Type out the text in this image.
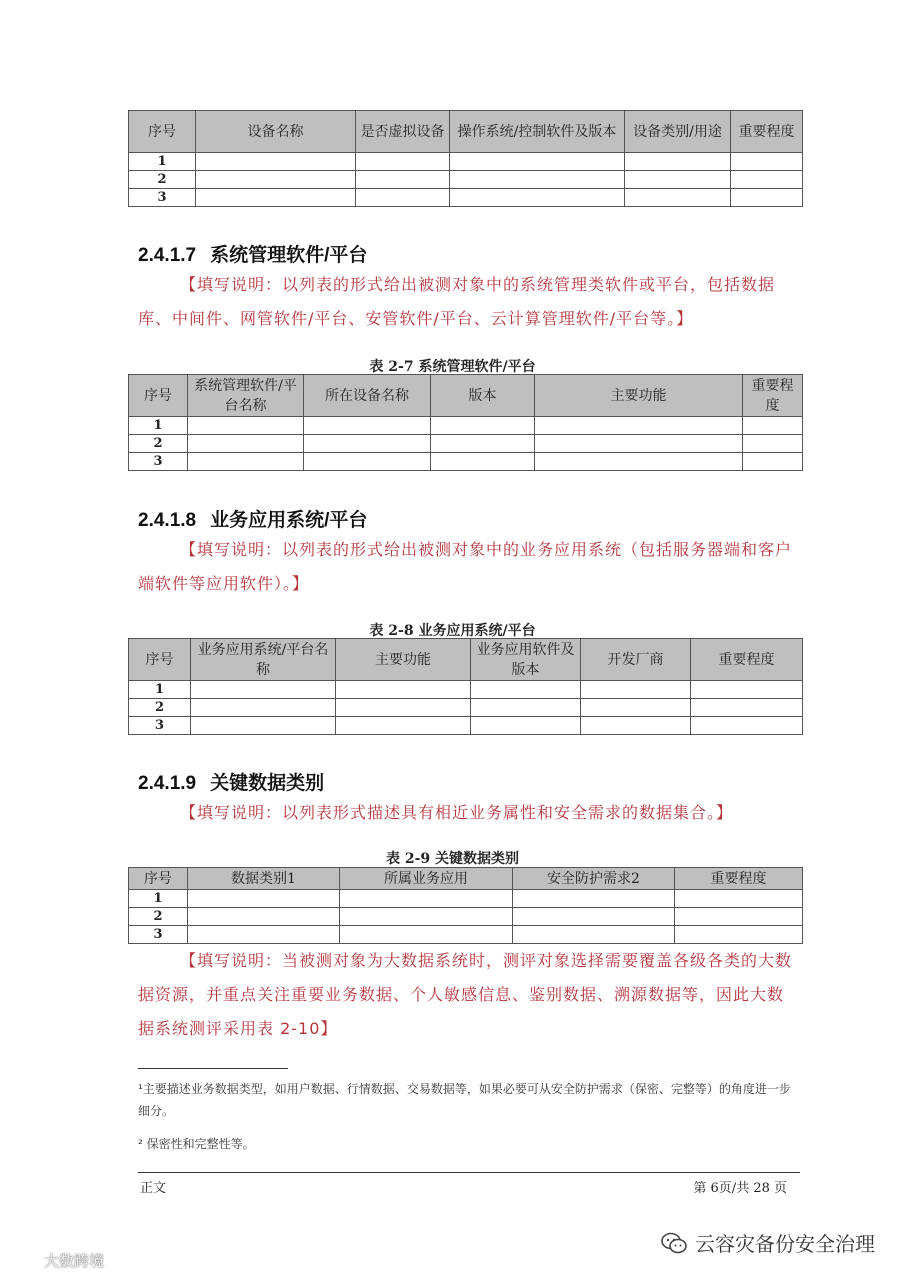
序号	设备名称	是否虚拟设备	操作系统/控制软件及版本	设备类别/用途	重要程度
1					
2					
3					
2.4.1.7 系统管理软件/平台
【填写说明：以列表的形式给出被测对象中的系统管理类软件或平台，包括数据库、中间件、网管软件/平台、安管软件/平台、云计算管理软件/平台等。】
表 2-7 系统管理软件/平台
序号	系统管理软件/平台名称	所在设备名称	版本	主要功能	重要程度
1					
2					
3					
2.4.1.8 业务应用系统/平台
【填写说明：以列表的形式给出被测对象中的业务应用系统（包括服务器端和客户端软件等应用软件）。】
表 2-8 业务应用系统/平台
序号	业务应用系统/平台名称	主要功能	业务应用软件及版本	开发厂商	重要程度
1					
2					
3					
2.4.1.9 关键数据类别
【填写说明：以列表形式描述具有相近业务属性和安全需求的数据集合。】
表 2-9 关键数据类别
序号	数据类别1	所属业务应用	安全防护需求2	重要程度
1				
2				
3				
【填写说明：当被测对象为大数据系统时，测评对象选择需要覆盖各级各类的大数据资源，并重点关注重要业务数据、个人敏感信息、鉴别数据、溯源数据等，因此大数据系统测评采用表 2-10】
¹主要描述业务数据类型，如用户数据、行情数据、交易数据等，如果必要可从安全防护需求（保密、完整等）的角度进一步细分。
² 保密性和完整性等。
正文	第 6页/共 28 页
云容灾备份安全治理
大数跨境
